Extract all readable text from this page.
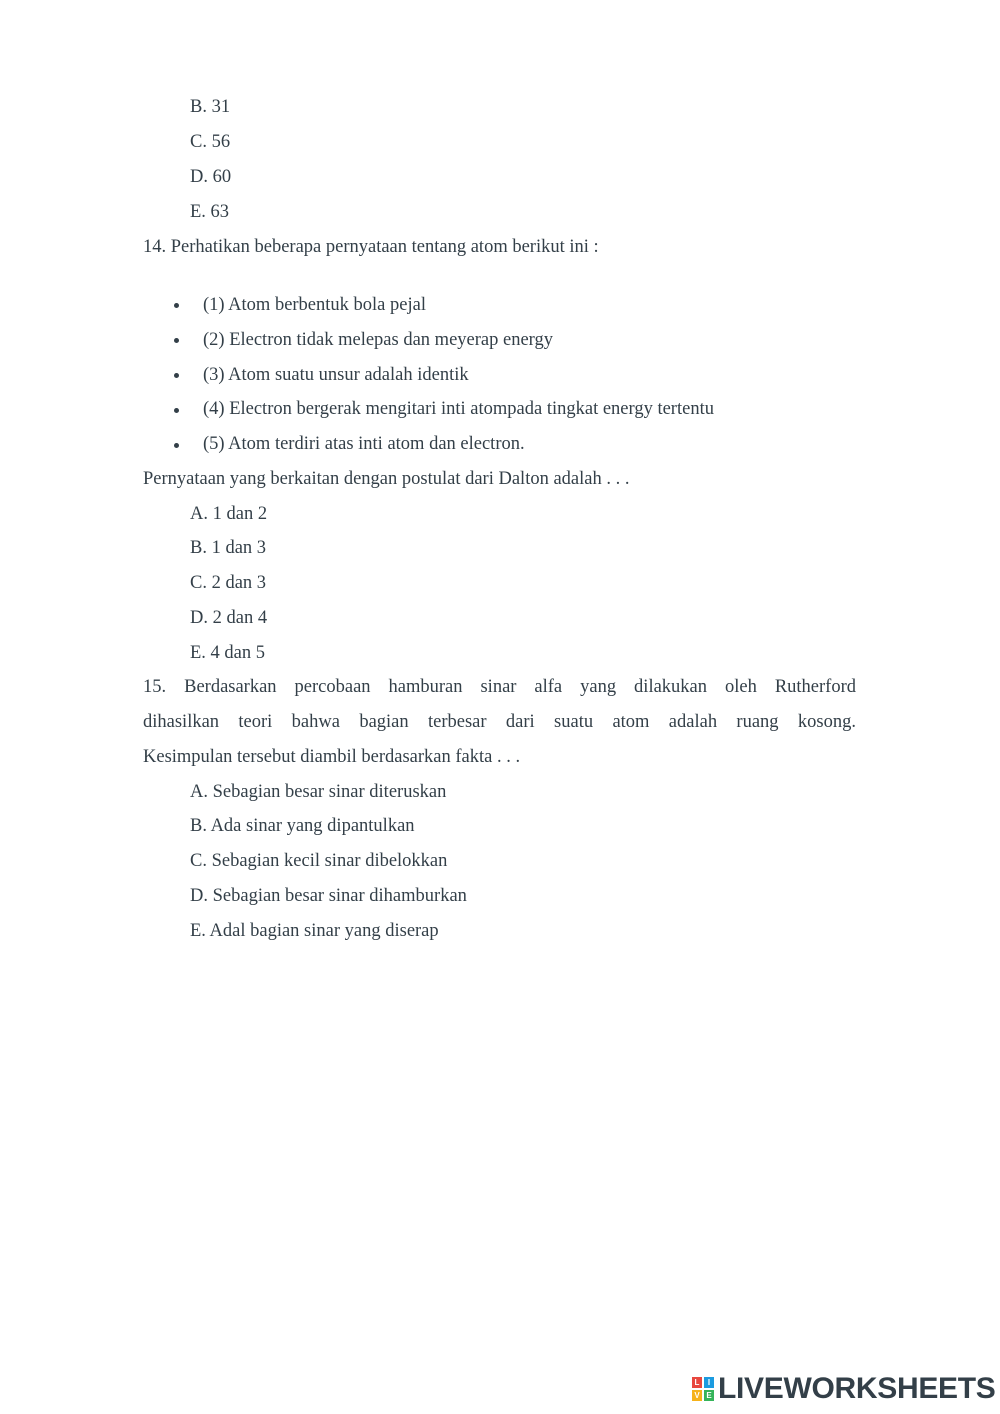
B. 31
C. 56
D. 60
E. 63
14. Perhatikan beberapa pernyataan tentang atom berikut ini :
(1) Atom berbentuk bola pejal
(2) Electron tidak melepas dan meyerap energy
(3) Atom suatu unsur adalah identik
(4) Electron bergerak mengitari inti atompada tingkat energy tertentu
(5) Atom terdiri atas inti atom dan electron.
Pernyataan yang berkaitan dengan postulat dari Dalton adalah . . .
A. 1 dan 2
B. 1 dan 3
C. 2 dan 3
D. 2 dan 4
E. 4 dan 5
15. Berdasarkan percobaan hamburan sinar alfa yang dilakukan oleh Rutherford
dihasilkan teori bahwa bagian terbesar dari suatu atom adalah ruang kosong.
Kesimpulan tersebut diambil berdasarkan fakta . . .
A. Sebagian besar sinar diteruskan
B. Ada sinar yang dipantulkan
C. Sebagian kecil sinar dibelokkan
D. Sebagian besar sinar dihamburkan
E. Adal bagian sinar yang diserap
L	I
V E LIVEWORKSHEETS
